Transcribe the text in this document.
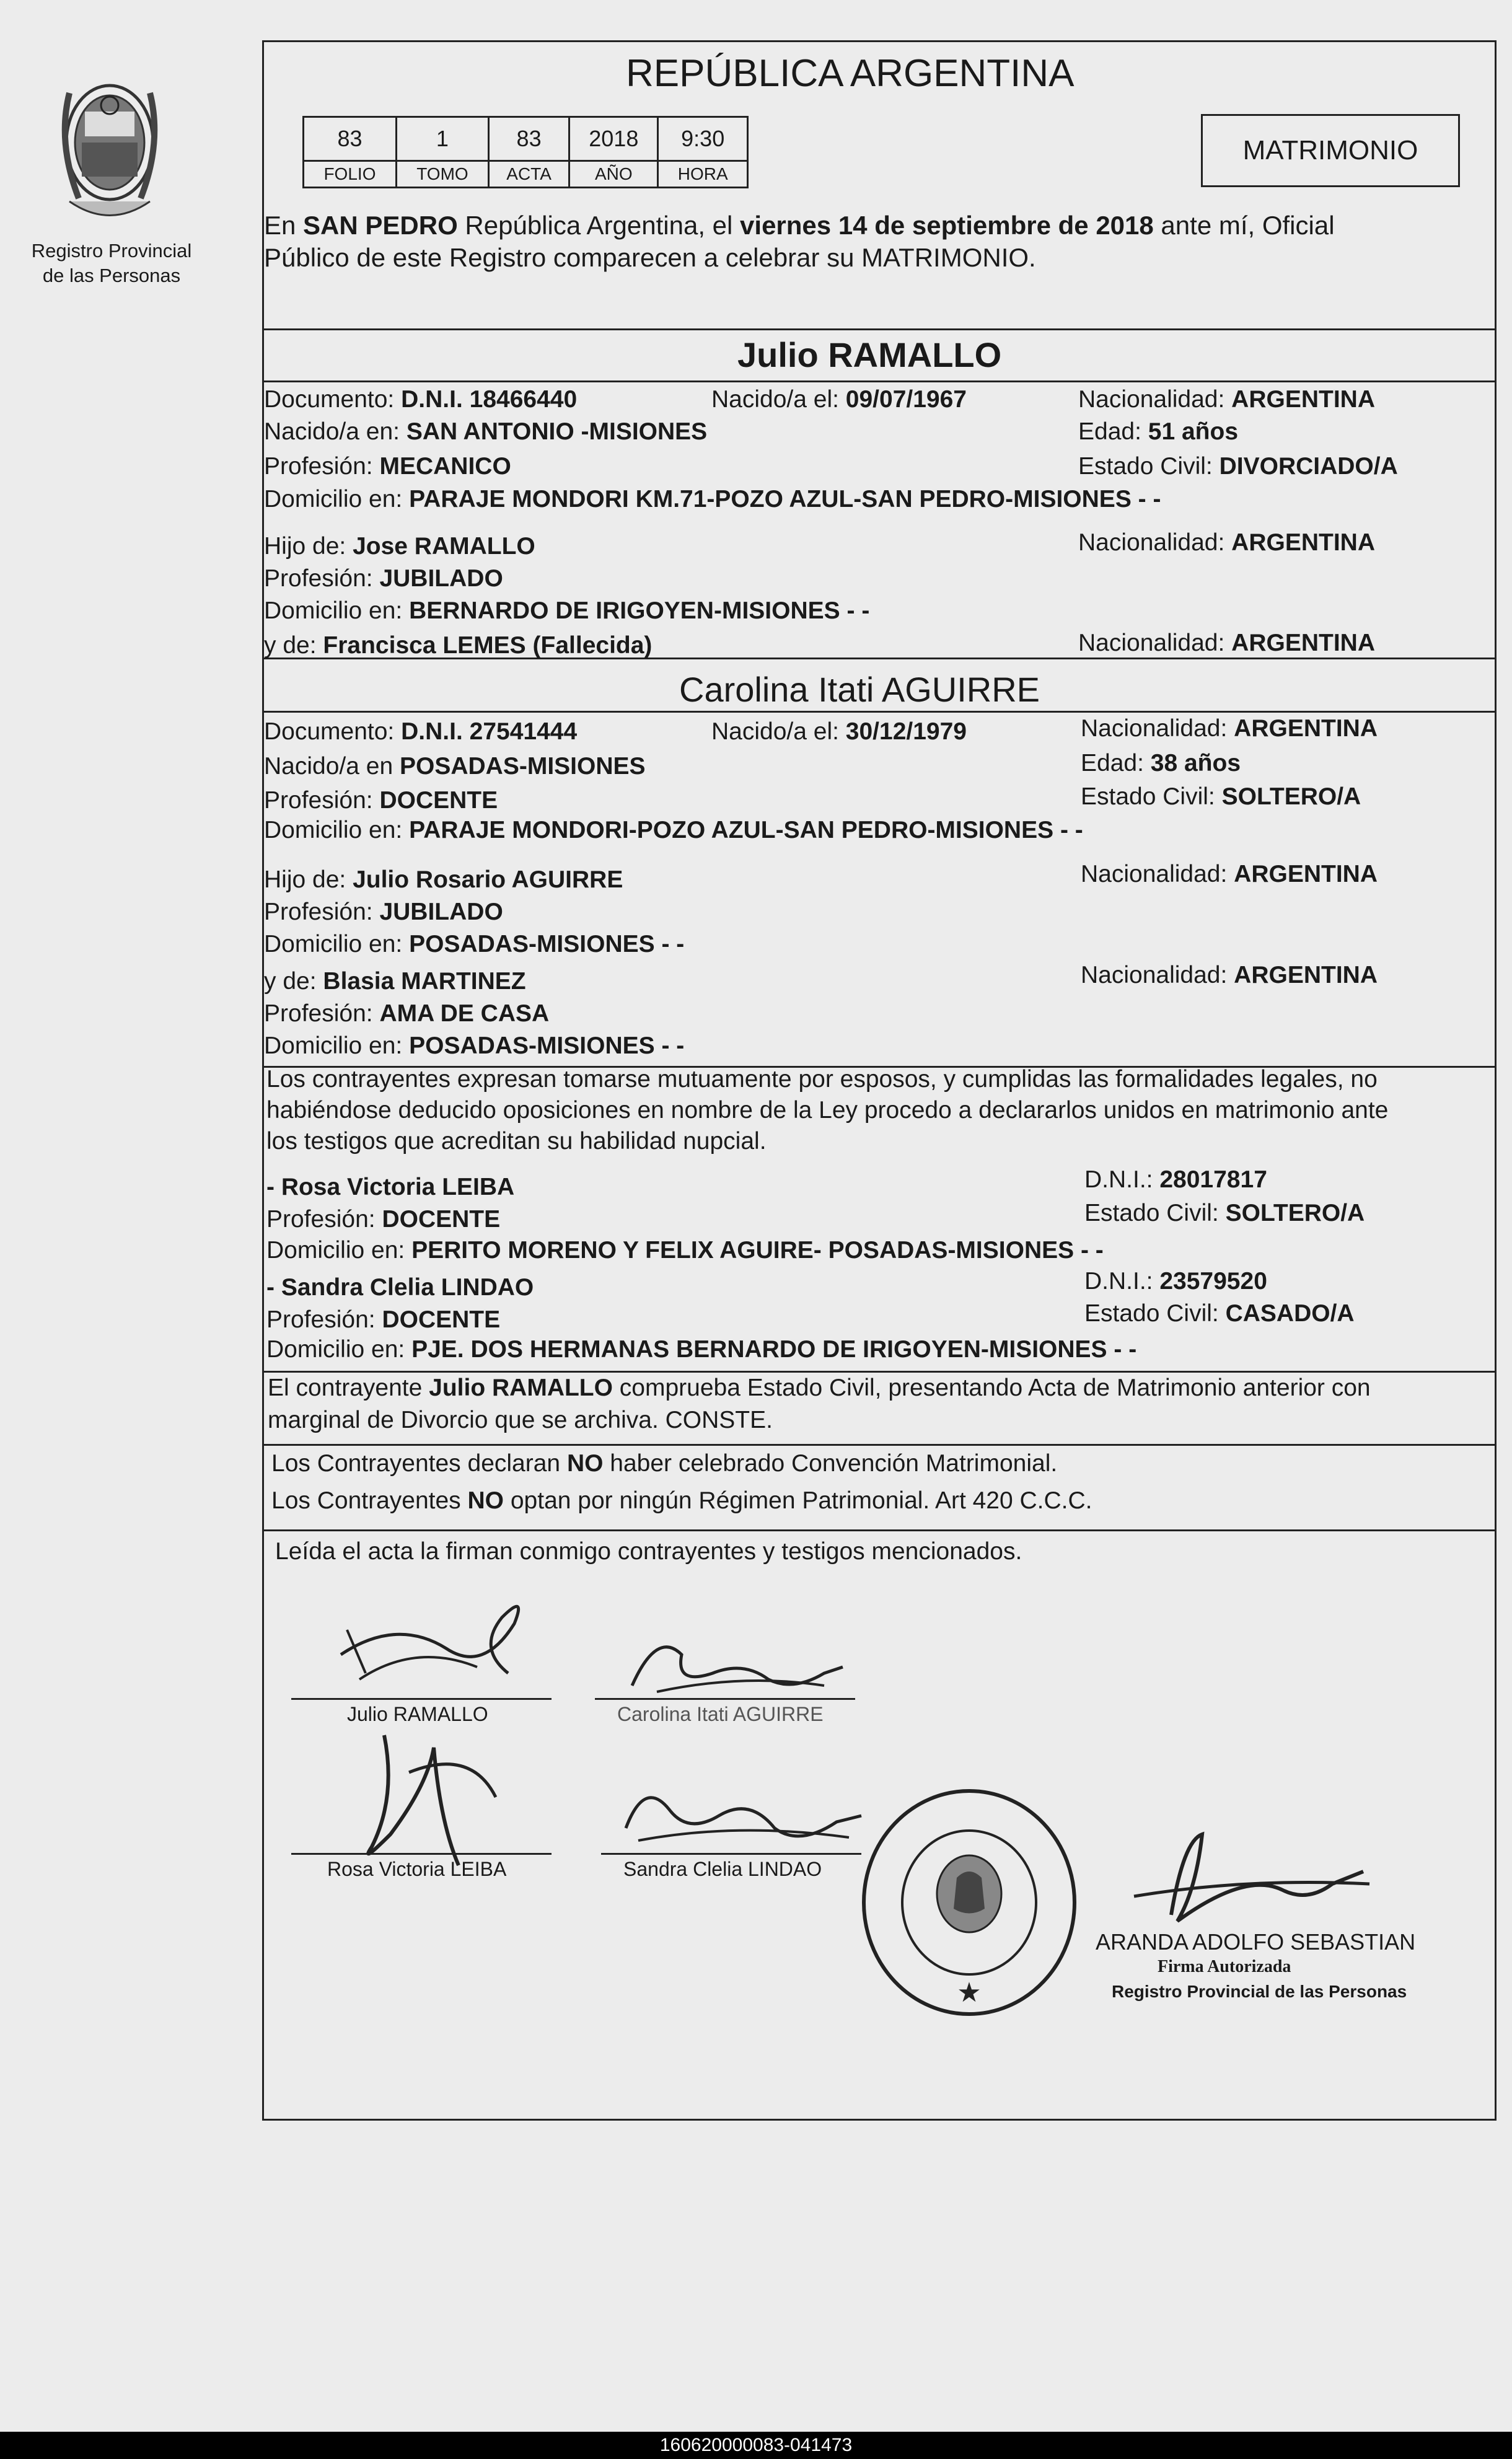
Registro Provincial
de las Personas
REPÚBLICA ARGENTINA
83	1	83	2018	9:30
FOLIO	TOMO	ACTA	AÑO	HORA
MATRIMONIO
En SAN PEDRO República Argentina, el viernes 14 de septiembre de 2018 ante mí, Oficial
Público de este Registro comparecen a celebrar su MATRIMONIO.
Julio RAMALLO
Documento: D.N.I. 18466440	Nacido/a el: 09/07/1967	Nacionalidad: ARGENTINA
Nacido/a en: SAN ANTONIO -MISIONES	Edad: 51 años
Profesión: MECANICO	Estado Civil: DIVORCIADO/A
Domicilio en: PARAJE MONDORI KM.71-POZO AZUL-SAN PEDRO-MISIONES - -
Hijo de: Jose RAMALLO	Nacionalidad: ARGENTINA
Profesión: JUBILADO
Domicilio en: BERNARDO DE IRIGOYEN-MISIONES - -
y de: Francisca LEMES (Fallecida)	Nacionalidad: ARGENTINA
Carolina Itati AGUIRRE
Documento: D.N.I. 27541444	Nacido/a el: 30/12/1979	Nacionalidad: ARGENTINA
Nacido/a en POSADAS-MISIONES	Edad: 38 años
Profesión: DOCENTE	Estado Civil: SOLTERO/A
Domicilio en: PARAJE MONDORI-POZO AZUL-SAN PEDRO-MISIONES - -
Hijo de: Julio Rosario AGUIRRE	Nacionalidad: ARGENTINA
Profesión: JUBILADO
Domicilio en: POSADAS-MISIONES - -
y de: Blasia MARTINEZ	Nacionalidad: ARGENTINA
Profesión: AMA DE CASA
Domicilio en: POSADAS-MISIONES - -
Los contrayentes expresan tomarse mutuamente por esposos, y cumplidas las formalidades legales, no
habiéndose deducido oposiciones en nombre de la Ley procedo a declararlos unidos en matrimonio ante
los testigos que acreditan su habilidad nupcial.
- Rosa Victoria LEIBA	D.N.I.: 28017817
Profesión: DOCENTE	Estado Civil: SOLTERO/A
Domicilio en: PERITO MORENO Y FELIX AGUIRE- POSADAS-MISIONES - -
- Sandra Clelia LINDAO	D.N.I.: 23579520
Profesión: DOCENTE	Estado Civil: CASADO/A
Domicilio en: PJE. DOS HERMANAS BERNARDO DE IRIGOYEN-MISIONES - -
El contrayente Julio RAMALLO comprueba Estado Civil, presentando Acta de Matrimonio anterior con
marginal de Divorcio que se archiva. CONSTE.
Los Contrayentes declaran NO haber celebrado Convención Matrimonial.
Los Contrayentes NO optan por ningún Régimen Patrimonial. Art 420 C.C.C.
Leída el acta la firman conmigo contrayentes y testigos mencionados.
Julio RAMALLO	Carolina Itati AGUIRRE
Rosa Victoria LEIBA	Sandra Clelia LINDAO
★
ARANDA ADOLFO SEBASTIAN
Firma Autorizada
Registro Provincial de las Personas
160620000083-041473
